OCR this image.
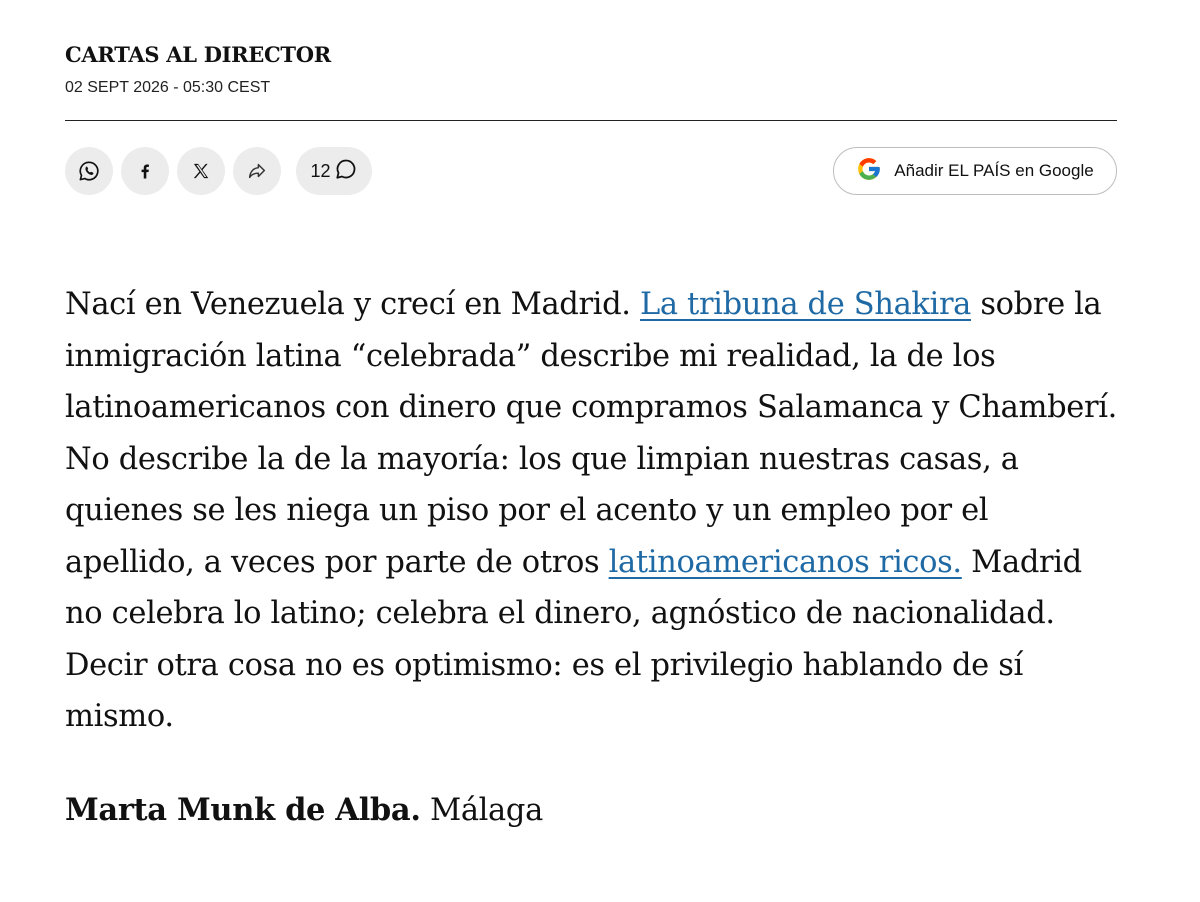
CARTAS AL DIRECTOR
02 SEPT 2026 - 05:30 CEST
12	Añadir EL PAÍS en Google

Nací en Venezuela y crecí en Madrid. La tribuna de Shakira sobre la inmigración latina “celebrada” describe mi realidad, la de los latinoamericanos con dinero que compramos Salamanca y Chamberí. No describe la de la mayoría: los que limpian nuestras casas, a quienes se les niega un piso por el acento y un empleo por el apellido, a veces por parte de otros latinoamericanos ricos. Madrid no celebra lo latino; celebra el dinero, agnóstico de nacionalidad. Decir otra cosa no es optimismo: es el privilegio hablando de sí mismo.

Marta Munk de Alba. Málaga
